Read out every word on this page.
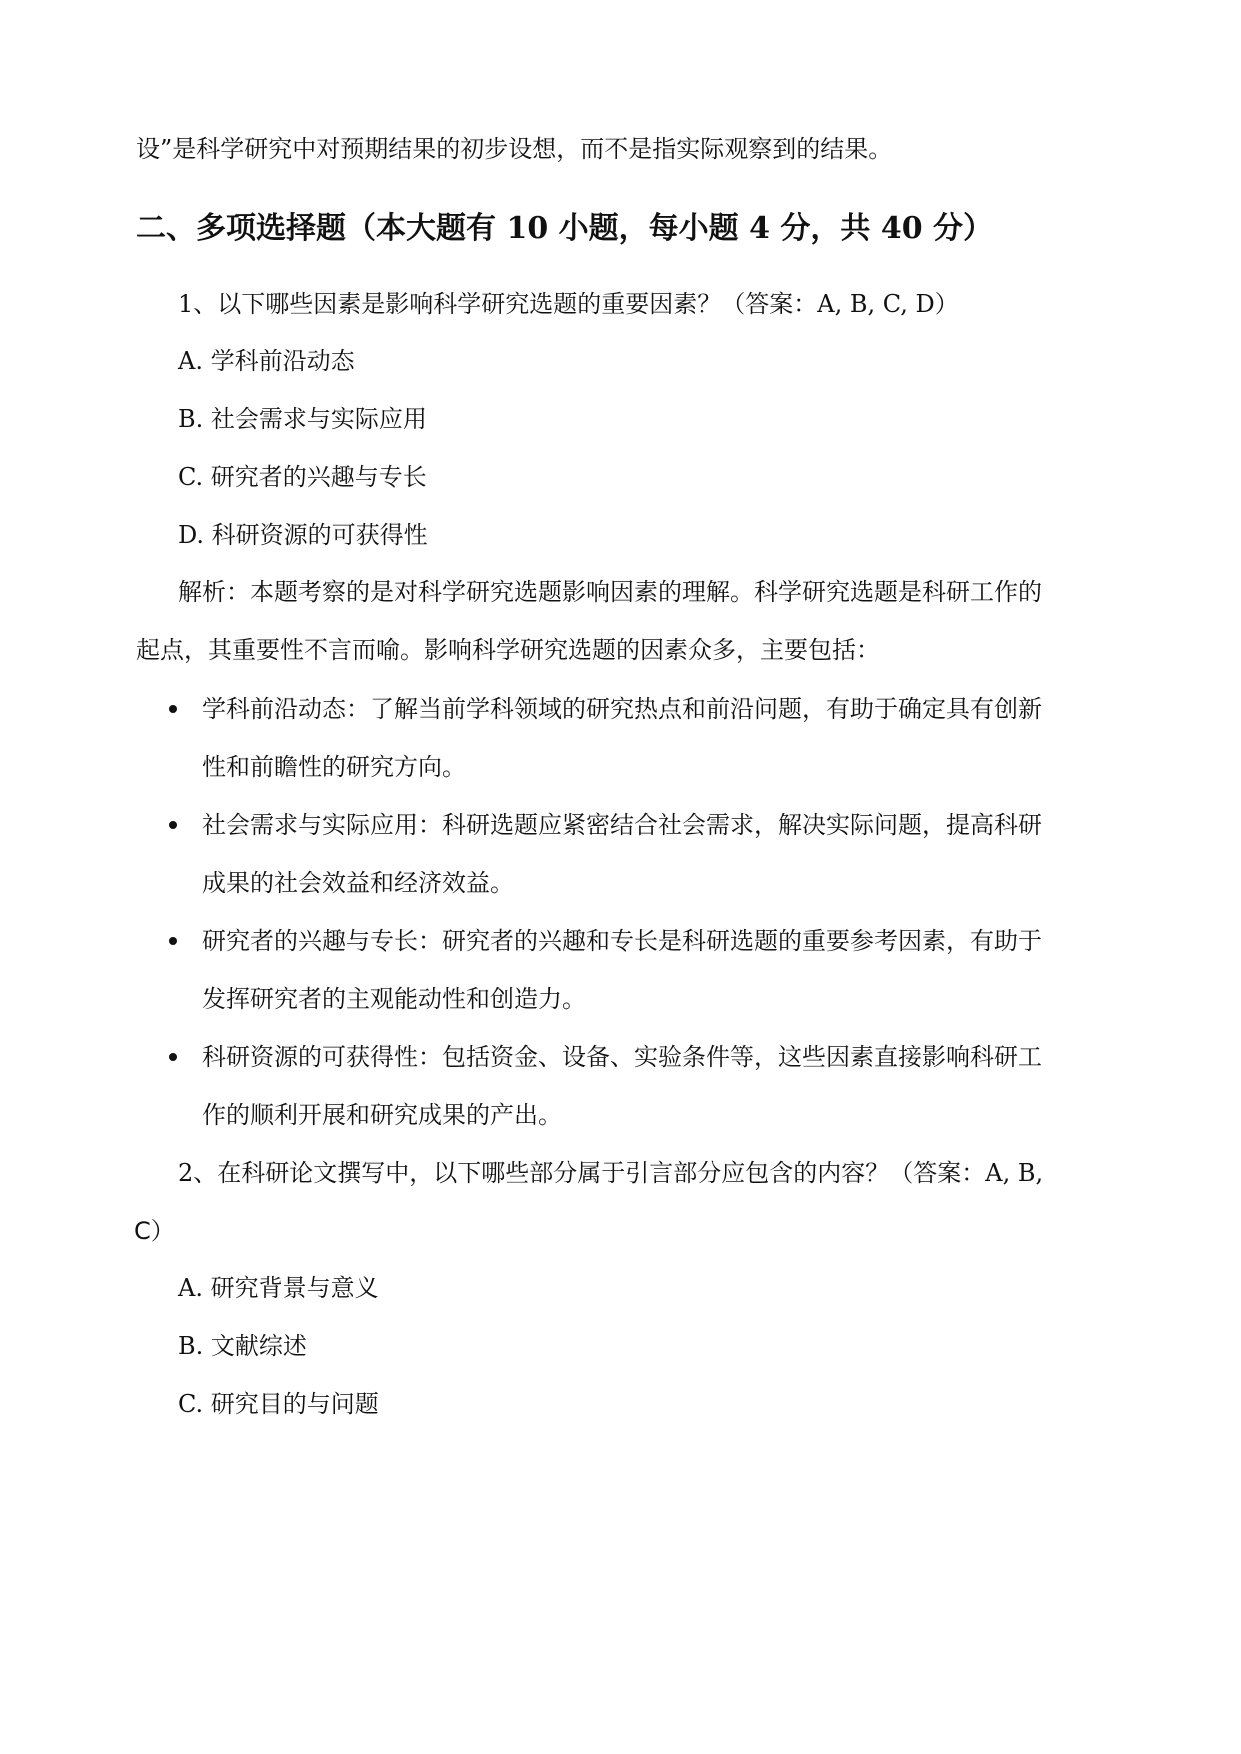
设”是科学研究中对预期结果的初步设想，而不是指实际观察到的结果。
二、多项选择题（本大题有 10 小题，每小题 4 分，共 40 分）
1、以下哪些因素是影响科学研究选题的重要因素？（答案：A, B, C, D）
A. 学科前沿动态
B. 社会需求与实际应用
C. 研究者的兴趣与专长
D. 科研资源的可获得性
解析：本题考察的是对科学研究选题影响因素的理解。科学研究选题是科研工作的
起点，其重要性不言而喻。影响科学研究选题的因素众多，主要包括：
学科前沿动态：了解当前学科领域的研究热点和前沿问题，有助于确定具有创新
性和前瞻性的研究方向。
社会需求与实际应用：科研选题应紧密结合社会需求，解决实际问题，提高科研
成果的社会效益和经济效益。
研究者的兴趣与专长：研究者的兴趣和专长是科研选题的重要参考因素，有助于
发挥研究者的主观能动性和创造力。
科研资源的可获得性：包括资金、设备、实验条件等，这些因素直接影响科研工
作的顺利开展和研究成果的产出。
2、在科研论文撰写中，以下哪些部分属于引言部分应包含的内容？（答案：A, B,
C）
A. 研究背景与意义
B. 文献综述
C. 研究目的与问题
